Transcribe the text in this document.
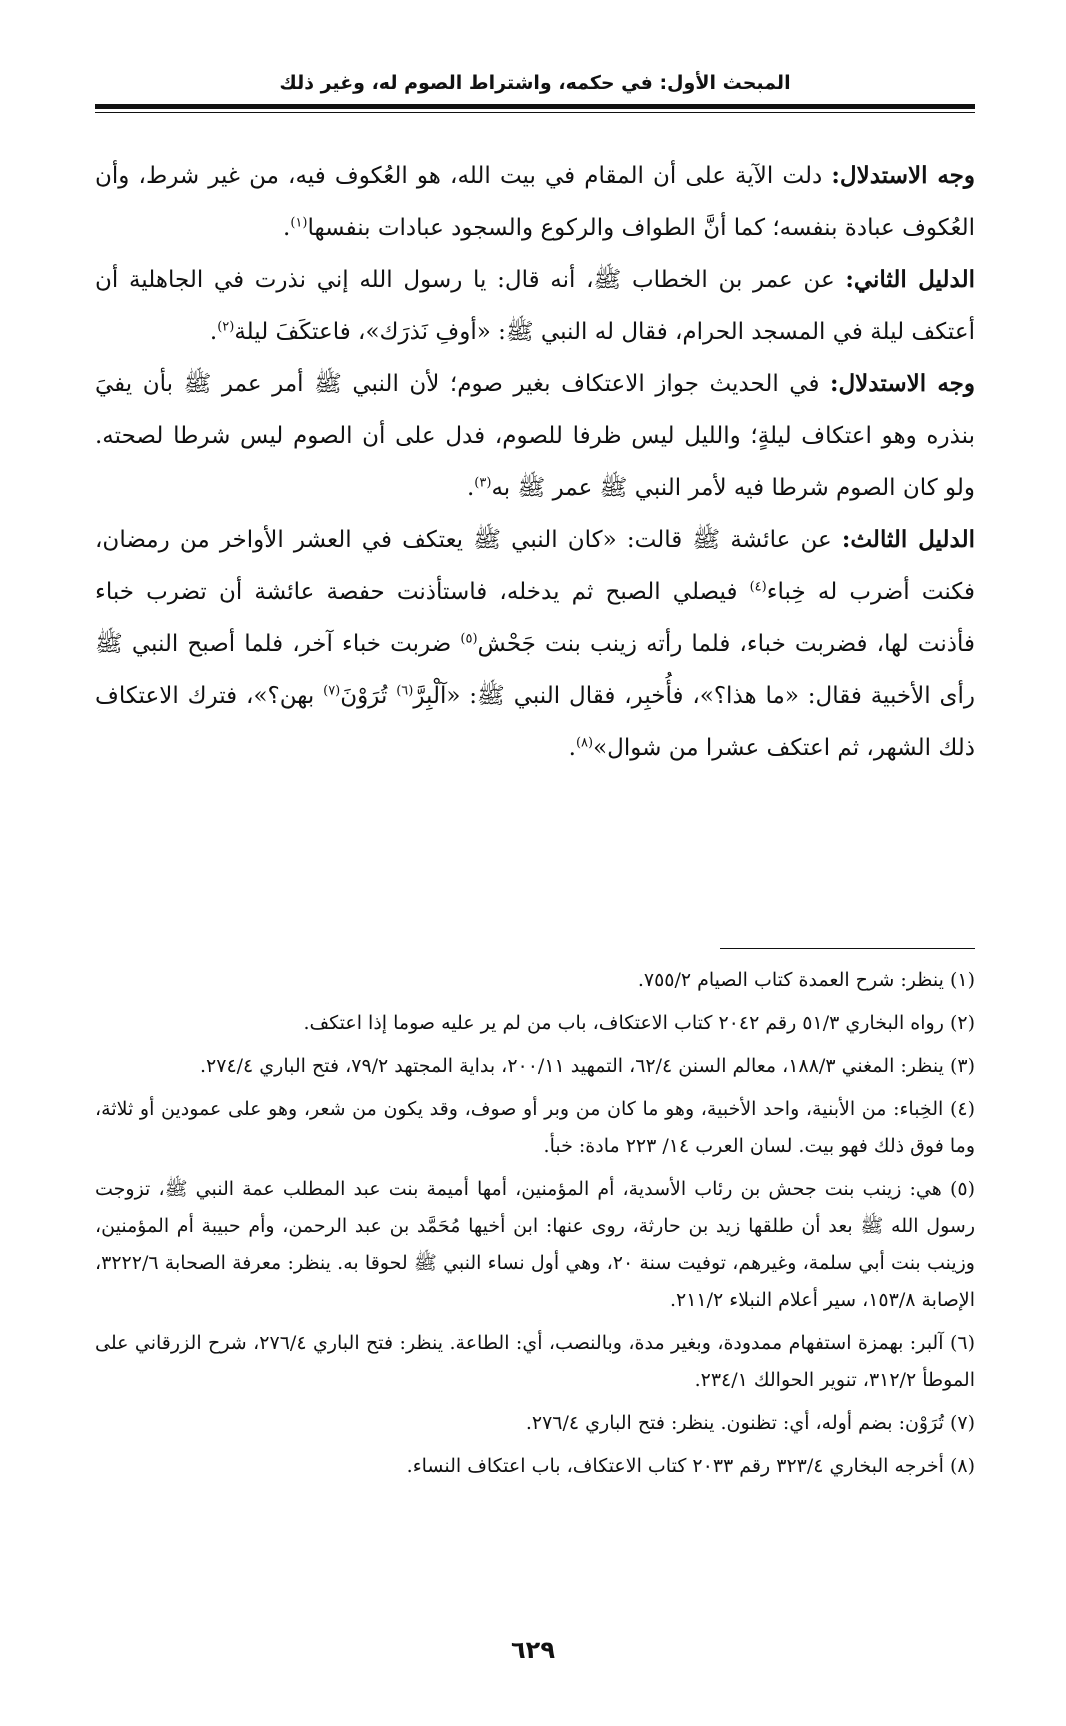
المبحث الأول: في حكمه، واشتراط الصوم له، وغير ذلك

وجه الاستدلال: دلت الآية على أن المقام في بيت الله، هو العُكوف فيه، من غير شرط، وأن العُكوف عبادة بنفسه؛ كما أنَّ الطواف والركوع والسجود عبادات بنفسها$^{(١)}$.

الدليل الثاني: عن عمر بن الخطاب ﷺ، أنه قال: يا رسول الله إني نذرت في الجاهلية أن أعتكف ليلة في المسجد الحرام، فقال له النبي ﷺ: «أوفِ نَذرَك»، فاعتكَفَ ليلة$^{(٢)}$.

وجه الاستدلال: في الحديث جواز الاعتكاف بغير صوم؛ لأن النبي ﷺ أمر عمر ﷺ بأن يفيَ بنذره وهو اعتكاف ليلةٍ؛ والليل ليس ظرفا للصوم، فدل على أن الصوم ليس شرطا لصحته. ولو كان الصوم شرطا فيه لأمر النبي ﷺ عمر ﷺ به$^{(٣)}$.

الدليل الثالث: عن عائشة ﷺ قالت: «كان النبي ﷺ يعتكف في العشر الأواخر من رمضان، فكنت أضرب له خِباء$^{(٤)}$ فيصلي الصبح ثم يدخله، فاستأذنت حفصة عائشة أن تضرب خباء فأذنت لها، فضربت خباء، فلما رأته زينب بنت جَحْش$^{(٥)}$ ضربت خباء آخر، فلما أصبح النبي ﷺ رأى الأخبية فقال: «ما هذا؟»، فأُخبِر، فقال النبي ﷺ: «آلْبِرَّ$^{(٦)}$ تُرَوْنَ$^{(٧)}$ بهن؟»، فترك الاعتكاف ذلك الشهر، ثم اعتكف عشرا من شوال»$^{(٨)}$.

(١) ينظر: شرح العمدة كتاب الصيام ٧٥٥/٢.

(٢) رواه البخاري ٥١/٣ رقم ٢٠٤٢ كتاب الاعتكاف، باب من لم ير عليه صوما إذا اعتكف.

(٣) ينظر: المغني ١٨٨/٣، معالم السنن ٦٢/٤، التمهيد ٢٠٠/١١، بداية المجتهد ٧٩/٢، فتح الباري ٢٧٤/٤.

(٤) الخِباء: من الأبنية، واحد الأخبية، وهو ما كان من وبر أو صوف، وقد يكون من شعر، وهو على عمودين أو ثلاثة، وما فوق ذلك فهو بيت. لسان العرب ١٤/ ٢٢٣ مادة: خبأ.

(٥) هي: زينب بنت جحش بن رئاب الأسدية، أم المؤمنين، أمها أميمة بنت عبد المطلب عمة النبي ﷺ، تزوجت رسول الله ﷺ بعد أن طلقها زيد بن حارثة، روى عنها: ابن أخيها مُحَمَّد بن عبد الرحمن، وأم حبيبة أم المؤمنين، وزينب بنت أبي سلمة، وغيرهم، توفيت سنة ٢٠، وهي أول نساء النبي ﷺ لحوقا به. ينظر: معرفة الصحابة ٣٢٢٢/٦، الإصابة ١٥٣/٨، سير أعلام النبلاء ٢١١/٢.

(٦) آلبر: بهمزة استفهام ممدودة، وبغير مدة، وبالنصب، أي: الطاعة. ينظر: فتح الباري ٢٧٦/٤، شرح الزرقاني على الموطأ ٣١٢/٢، تنوير الحوالك ٢٣٤/١.

(٧) تُرَوْن: بضم أوله، أي: تظنون. ينظر: فتح الباري ٢٧٦/٤.

(٨) أخرجه البخاري ٣٢٣/٤ رقم ٢٠٣٣ كتاب الاعتكاف، باب اعتكاف النساء.

٦٢٩
